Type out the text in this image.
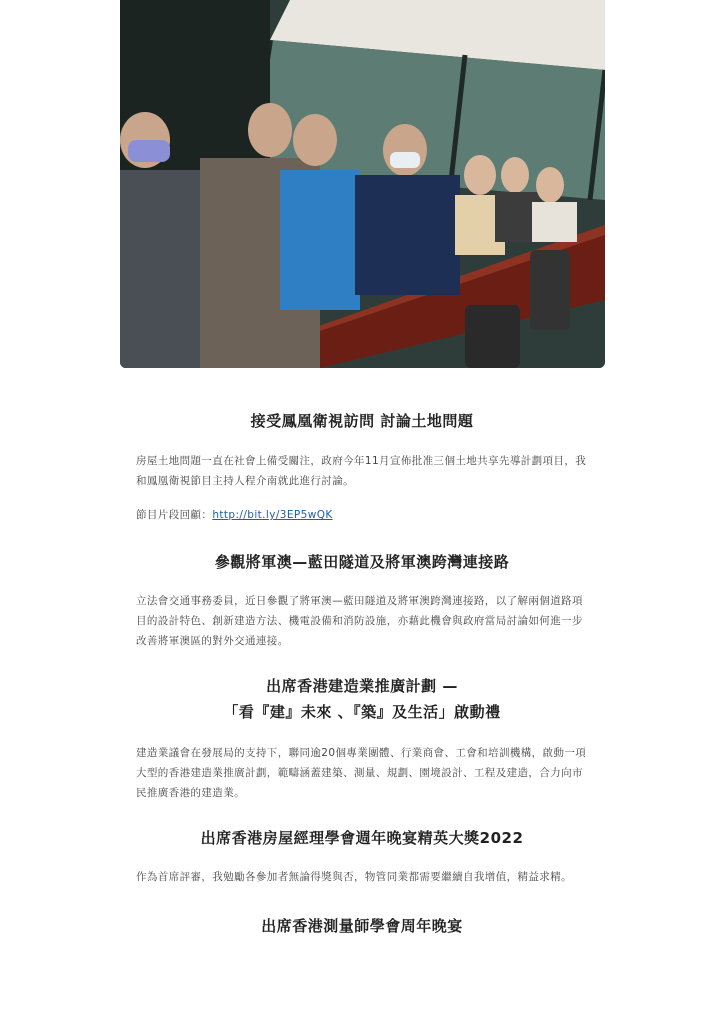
接受鳳凰衛視訪問 討論土地問題

房屋土地問題一直在社會上備受關注，政府今年11月宣佈批准三個土地共享先導計劃項目，我和鳳凰衛視節目主持人程介南就此進行討論。

節目片段回顧：http://bit.ly/3EP5wQK

參觀將軍澳—藍田隧道及將軍澳跨灣連接路

立法會交通事務委員，近日參觀了將軍澳—藍田隧道及將軍澳跨灣連接路，以了解兩個道路項目的設計特色、創新建造方法、機電設備和消防設施，亦藉此機會與政府當局討論如何進一步改善將軍澳區的對外交通連接。

出席香港建造業推廣計劃 —
「看『建』未來 、『築』及生活」啟動禮

建造業議會在發展局的支持下，聯同逾20個專業團體、行業商會、工會和培訓機構，啟動一項大型的香港建造業推廣計劃，範疇涵蓋建築、測量、規劃、園境設計、工程及建造，合力向市民推廣香港的建造業。

出席香港房屋經理學會週年晚宴精英大獎2022

作為首席評審，我勉勵各參加者無論得獎與否，物管同業都需要繼續自我增值，精益求精。

出席香港測量師學會周年晚宴
